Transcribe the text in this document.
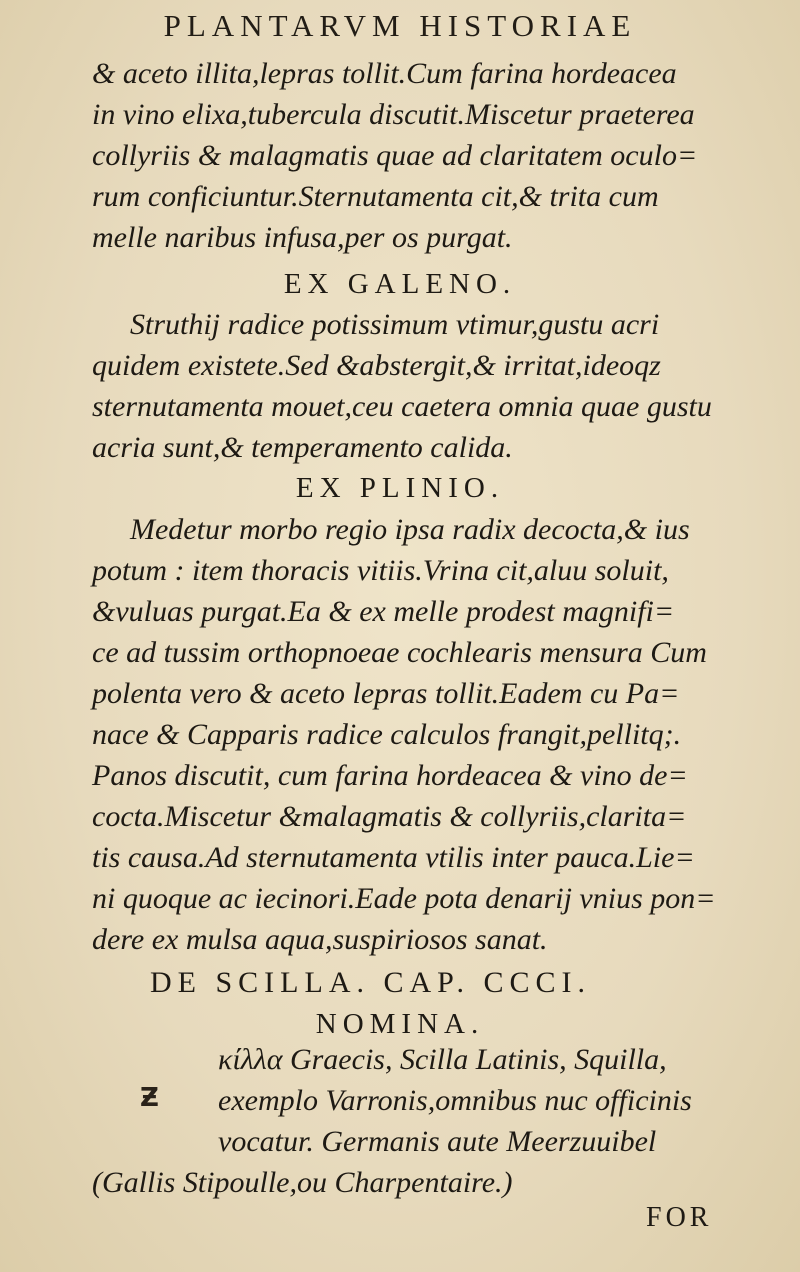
PLANTARVM HISTORIAE
& aceto illita,lepras tollit.Cum farina hordeacea
in vino elixa,tubercula discutit.Miscetur praeterea
collyriis & malagmatis quae ad claritatem oculo=
rum conficiuntur.Sternutamenta cit,& trita cum
melle naribus infusa,per os purgat.
EX GALENO.
Struthij radice potissimum vtimur,gustu acri
quidem existete.Sed &abstergit,& irritat,ideoqz
sternutamenta mouet,ceu caetera omnia quae gustu
acria sunt,& temperamento calida.
EX PLINIO.
Medetur morbo regio ipsa radix decocta,& ius
potum : item thoracis vitiis.Vrina cit,aluu soluit,
&vuluas purgat.Ea & ex melle prodest magnifi=
ce ad tussim orthopnoeae cochlearis mensura Cum
polenta vero & aceto lepras tollit.Eadem cu Pa=
nace & Capparis radice calculos frangit,pellitq;.
Panos discutit, cum farina hordeacea & vino de=
cocta.Miscetur &malagmatis & collyriis,clarita=
tis causa.Ad sternutamenta vtilis inter pauca.Lie=
ni quoque ac iecinori.Eade pota denarij vnius pon=
dere ex mulsa aqua,suspiriosos sanat.
DE SCILLA. CAP. CCCI.
NOMINA.
κίλλα Graecis, Scilla Latinis, Squilla,
exemplo Varronis,omnibus nuc officinis
vocatur. Germanis aute Meerzuuibel
(Gallis Stipoulle,ou Charpentaire.)
Ƶ
FOR
